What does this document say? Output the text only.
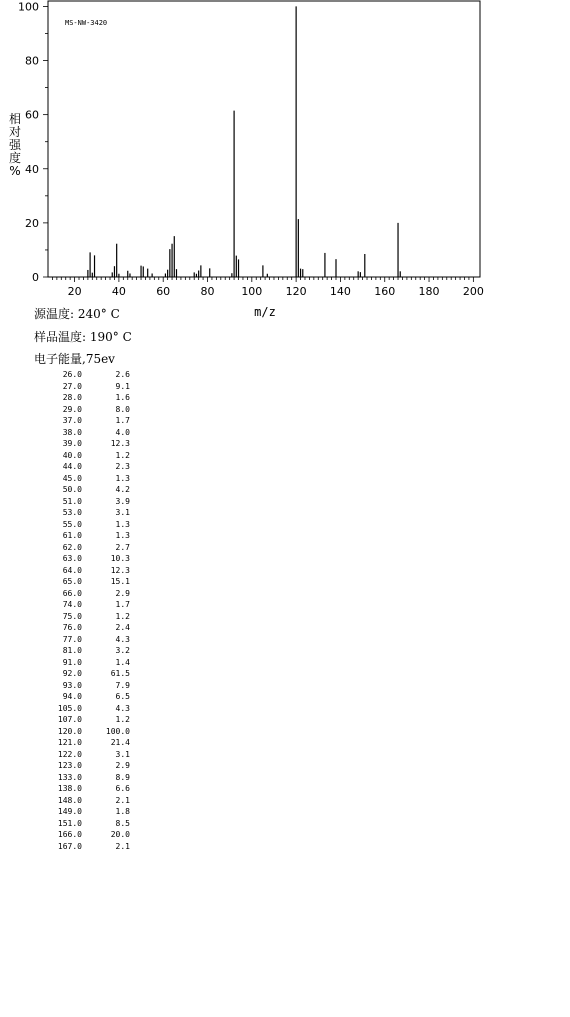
20	40	60	80 100 120 140 160 180 200
0
20
40
60
80
100
MS-NW-3420
m/z
相
对
强
度
%
源温度: 240° C
样品温度: 190° C
电子能量,75ev
26.0	2.6
27.0	9.1
28.0	1.6
29.0	8.0
37.0	1.7
38.0	4.0
39.0	12.3
40.0	1.2
44.0	2.3
45.0	1.3
50.0	4.2
51.0	3.9
53.0	3.1
55.0	1.3
61.0	1.3
62.0	2.7
63.0	10.3
64.0	12.3
65.0	15.1
66.0	2.9
74.0	1.7
75.0	1.2
76.0	2.4
77.0	4.3
81.0	3.2
91.0	1.4
92.0	61.5
93.0	7.9
94.0	6.5
105.0	4.3
107.0	1.2
120.0	100.0
121.0	21.4
122.0	3.1
123.0	2.9
133.0	8.9
138.0	6.6
148.0	2.1
149.0	1.8
151.0	8.5
166.0	20.0
167.0	2.1
